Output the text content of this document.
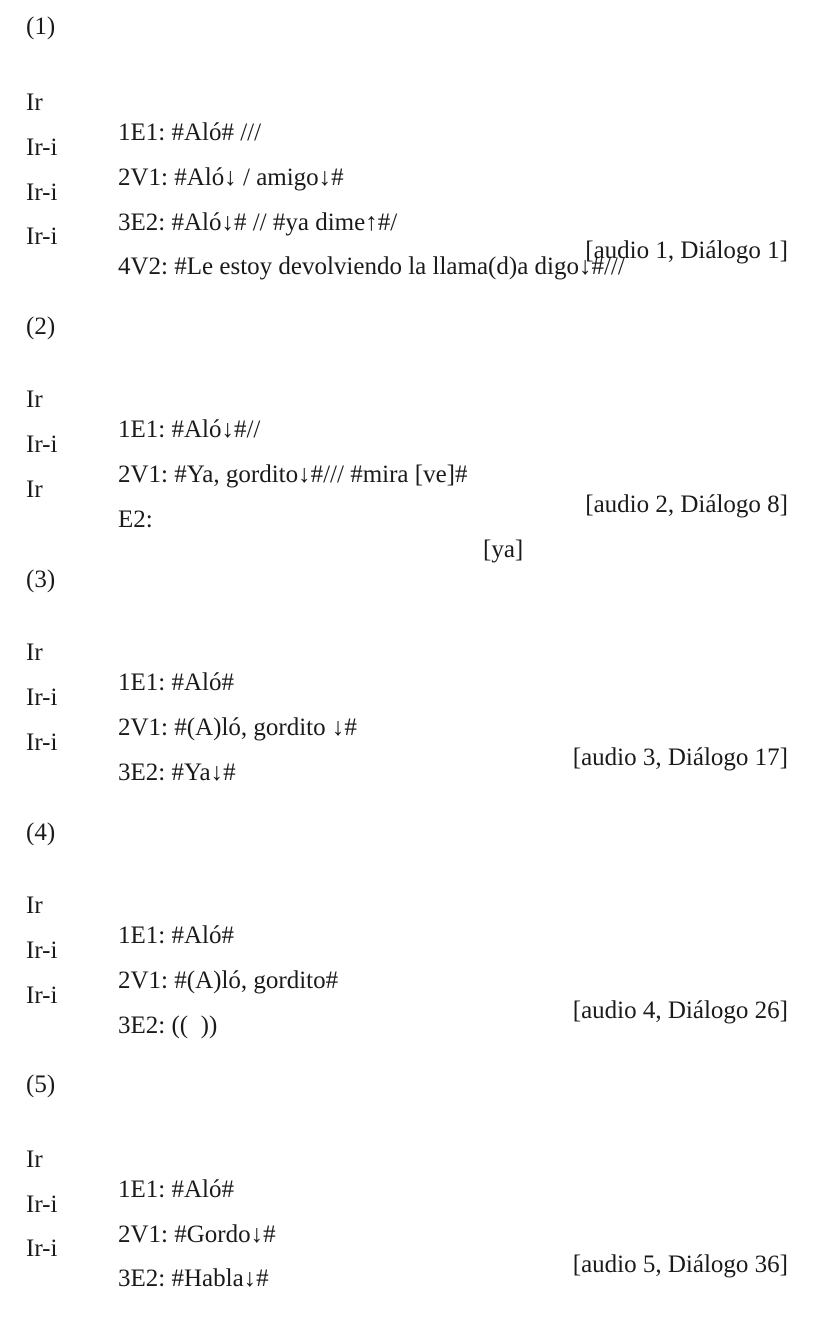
(1)

Ir

1E1: #Aló# ///

Ir-i

2V1: #Aló↓ / amigo↓#

Ir-i

3E2: #Aló↓# // #ya dime↑#/

Ir-i

4V2: #Le estoy devolviendo la llama(d)a digo↓#///

[audio 1, Diálogo 1]
(2)

Ir

1E1: #Aló↓#//

Ir-i

2V1: #Ya, gordito↓#/// #mira [ve]#

Ir

E2:

[ya]

[audio 2, Diálogo 8]
(3)

Ir

1E1: #Aló#

Ir-i

2V1: #(A)ló, gordito ↓#

Ir-i

3E2: #Ya↓#

[audio 3, Diálogo 17]
(4)

Ir

1E1: #Aló#

Ir-i

2V1: #(A)ló, gordito#

Ir-i

3E2: ((  ))

[audio 4, Diálogo 26]
(5)

Ir

1E1: #Aló#

Ir-i

2V1: #Gordo↓#

Ir-i

3E2: #Habla↓#

[audio 5, Diálogo 36]
